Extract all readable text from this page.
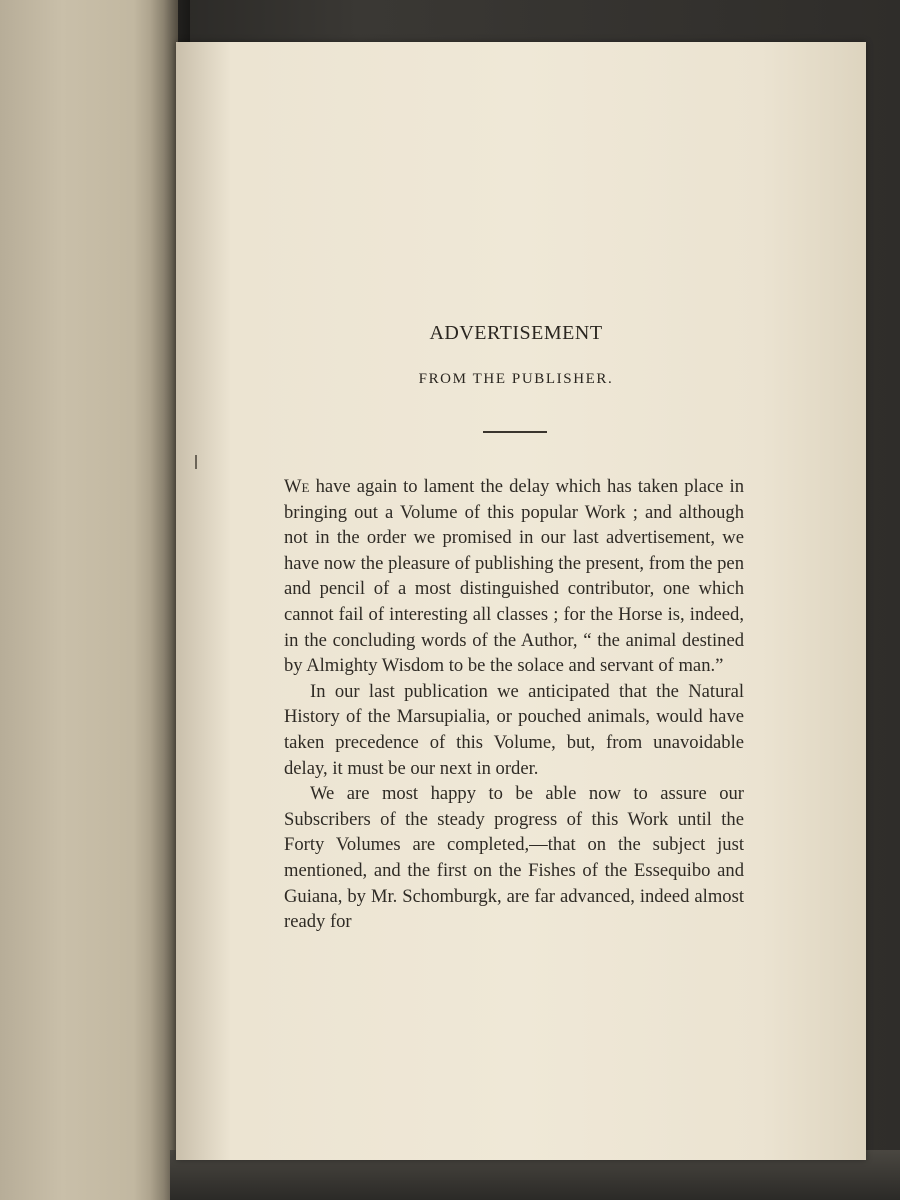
ADVERTISEMENT
FROM THE PUBLISHER.

We have again to lament the delay which has taken place in bringing out a Volume of this popular Work ; and although not in the order we promised in our last advertisement, we have now the pleasure of publishing the present, from the pen and pencil of a most distinguished contributor, one which cannot fail of interesting all classes ; for the Horse is, indeed, in the concluding words of the Author, “ the animal destined by Almighty Wisdom to be the solace and servant of man.”

In our last publication we anticipated that the Natural History of the Marsupialia, or pouched animals, would have taken precedence of this Volume, but, from unavoidable delay, it must be our next in order.

We are most happy to be able now to assure our Subscribers of the steady progress of this Work until the Forty Volumes are completed,—that on the subject just mentioned, and the first on the Fishes of the Essequibo and Guiana, by Mr. Schomburgk, are far advanced, indeed almost ready for
